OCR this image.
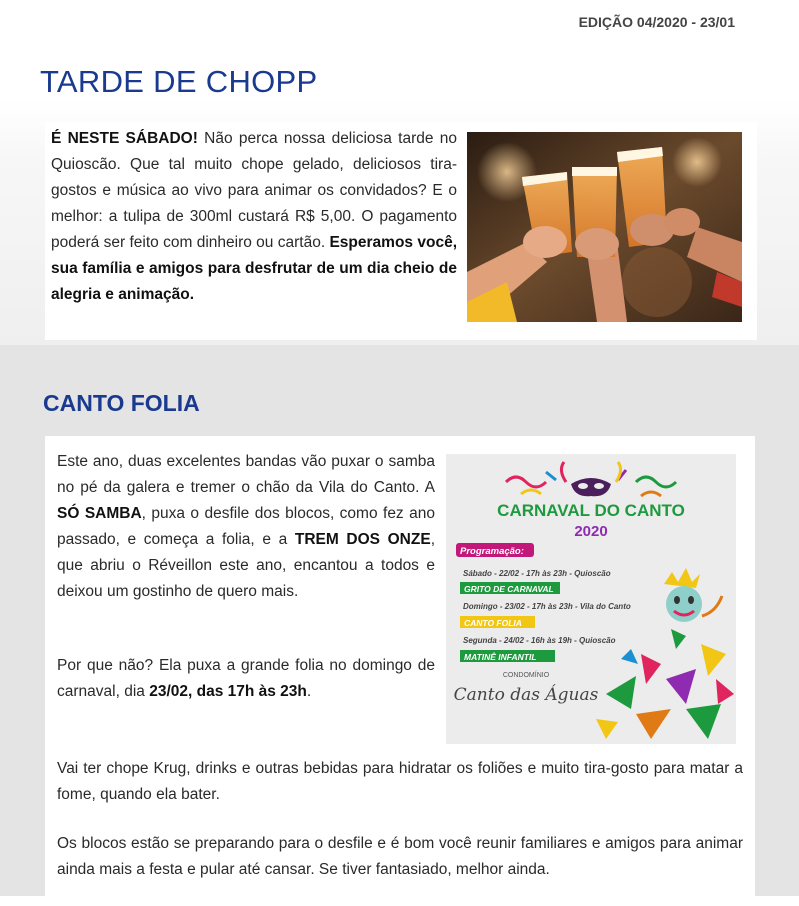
EDIÇÃO 04/2020 - 23/01
TARDE DE CHOPP
É NESTE SÁBADO! Não perca nossa deliciosa tarde no Quioscão. Que tal muito chope gelado, deliciosos tira-gostos e música ao vivo para animar os convidados? E o melhor: a tulipa de 300ml custará R$ 5,00. O pagamento poderá ser feito com dinheiro ou cartão. Esperamos você, sua família e amigos para desfrutar de um dia cheio de alegria e animação.
CANTO FOLIA

Este ano, duas excelentes bandas vão puxar o samba no pé da galera e tremer o chão da Vila do Canto. A SÓ SAMBA, puxa o desfile dos blocos, como fez ano passado, e começa a folia, e a TREM DOS ONZE, que abriu o Réveillon este ano, encantou a todos e deixou um gostinho de quero mais.

Por que não? Ela puxa a grande folia no domingo de carnaval, dia 23/02, das 17h às 23h.

Vai ter chope Krug, drinks e outras bebidas para hidratar os foliões e muito tira-gosto para matar a fome, quando ela bater.

Os blocos estão se preparando para o desfile e é bom você reunir familiares e amigos para animar ainda mais a festa e pular até cansar. Se tiver fantasiado, melhor ainda.

CARNAVAL DO CANTO
2020
Programação:
Sábado - 22/02 - 17h às 23h - Quioscão
GRITO DE CARNAVAL
Domingo - 23/02 - 17h às 23h - Vila do Canto
CANTO FOLIA
Segunda - 24/02 - 16h às 19h - Quioscão
MATINÊ INFANTIL
CONDOMÍNIO
Canto das Águas
